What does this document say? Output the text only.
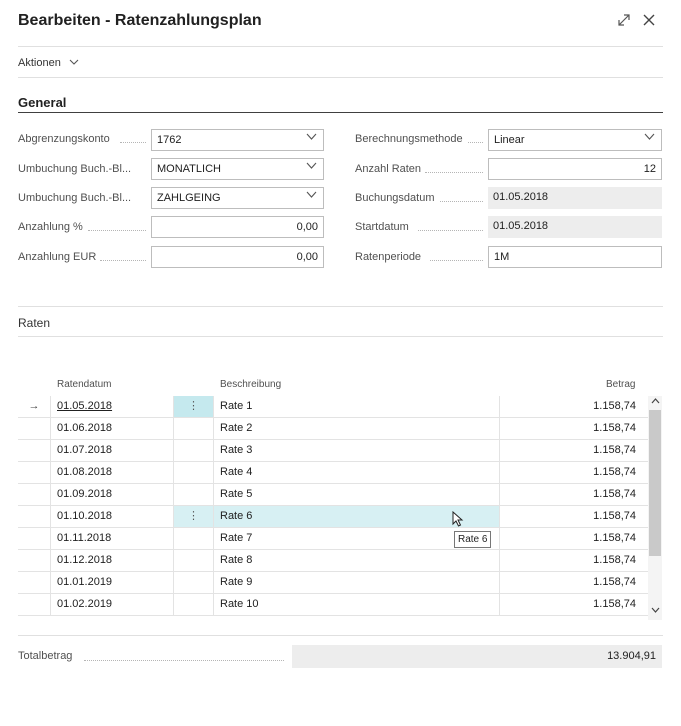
Bearbeiten - Ratenzahlungsplan
Aktionen
General
Abgrenzungskonto	1762
Umbuchung Buch.-Bl...	MONATLICH
Umbuchung Buch.-Bl...	ZAHLGEING
Anzahlung %	0,00
Anzahlung EUR	0,00
Berechnungsmethode	Linear
Anzahl Raten	12
Buchungsdatum	01.05.2018
Startdatum	01.05.2018
Ratenperiode	1M
Raten
Ratendatum	Beschreibung	Betrag
→	01.05.2018	⋮	Rate 1	1.158,74
01.06.2018	Rate 2	1.158,74
01.07.2018	Rate 3	1.158,74
01.08.2018	Rate 4	1.158,74
01.09.2018	Rate 5	1.158,74
01.10.2018	⋮	Rate 6	1.158,74
01.11.2018	Rate 7	1.158,74
01.12.2018	Rate 8	1.158,74
01.01.2019	Rate 9	1.158,74
01.02.2019	Rate 10	1.158,74
Rate 6
Totalbetrag	13.904,91
